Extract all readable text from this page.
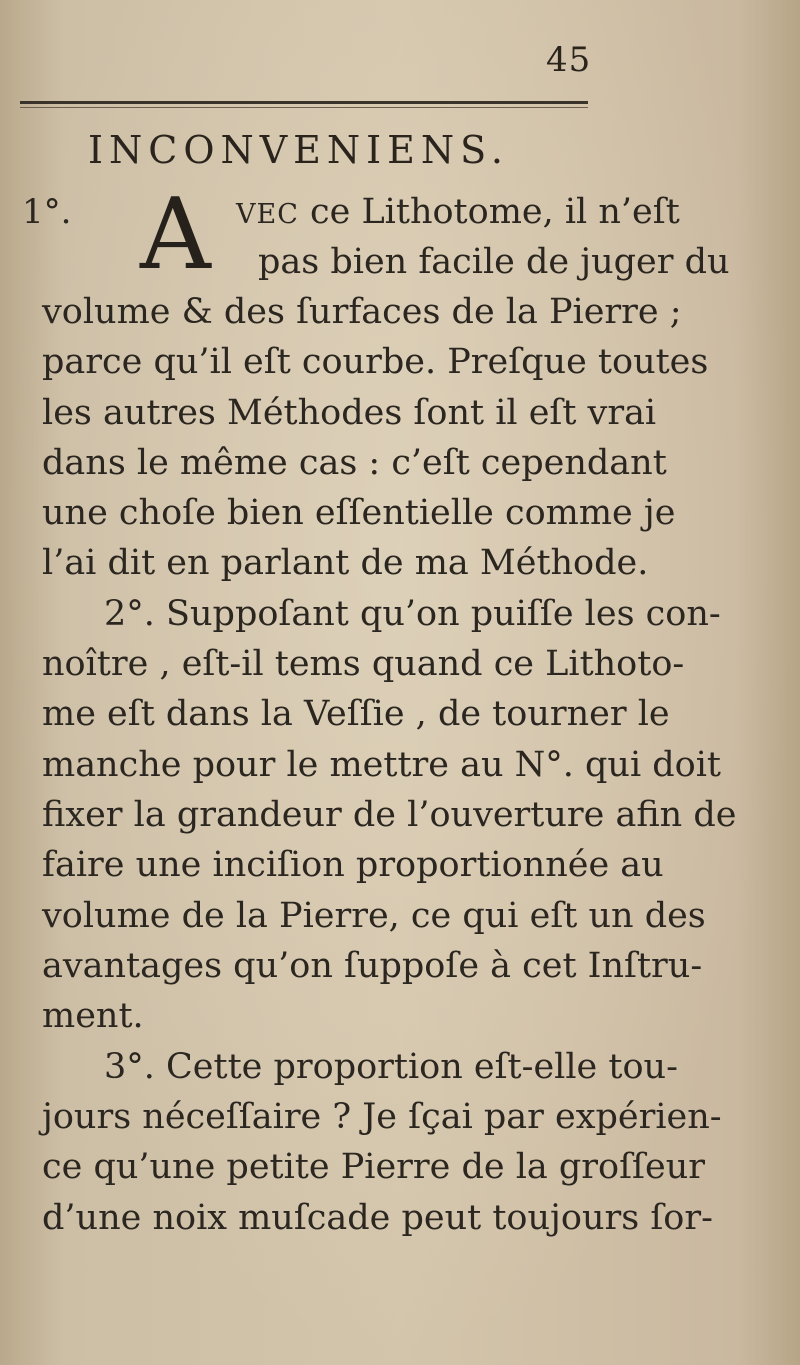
45
INCONVENIENS.
1°. A VEC ce Lithotome, il n’eſt
pas bien facile de juger du
volume & des ſurfaces de la Pierre ;
parce qu’il eſt courbe. Preſque toutes
les autres Méthodes ſont il eſt vrai
dans le même cas : c’eſt cependant
une choſe bien eſſentielle comme je
l’ai dit en parlant de ma Méthode.
2°. Suppoſant qu’on puiſſe les con-
noître , eſt-il tems quand ce Lithoto-
me eſt dans la Veſſie , de tourner le
manche pour le mettre au N°. qui doit
fixer la grandeur de l’ouverture afin de
faire une inciſion proportionnée au
volume de la Pierre, ce qui eſt un des
avantages qu’on ſuppoſe à cet Inſtru-
ment.
3°. Cette proportion eſt-elle tou-
jours néceſſaire ? Je ſçai par expérien-
ce qu’une petite Pierre de la groſſeur
d’une noix muſcade peut toujours ſor-
